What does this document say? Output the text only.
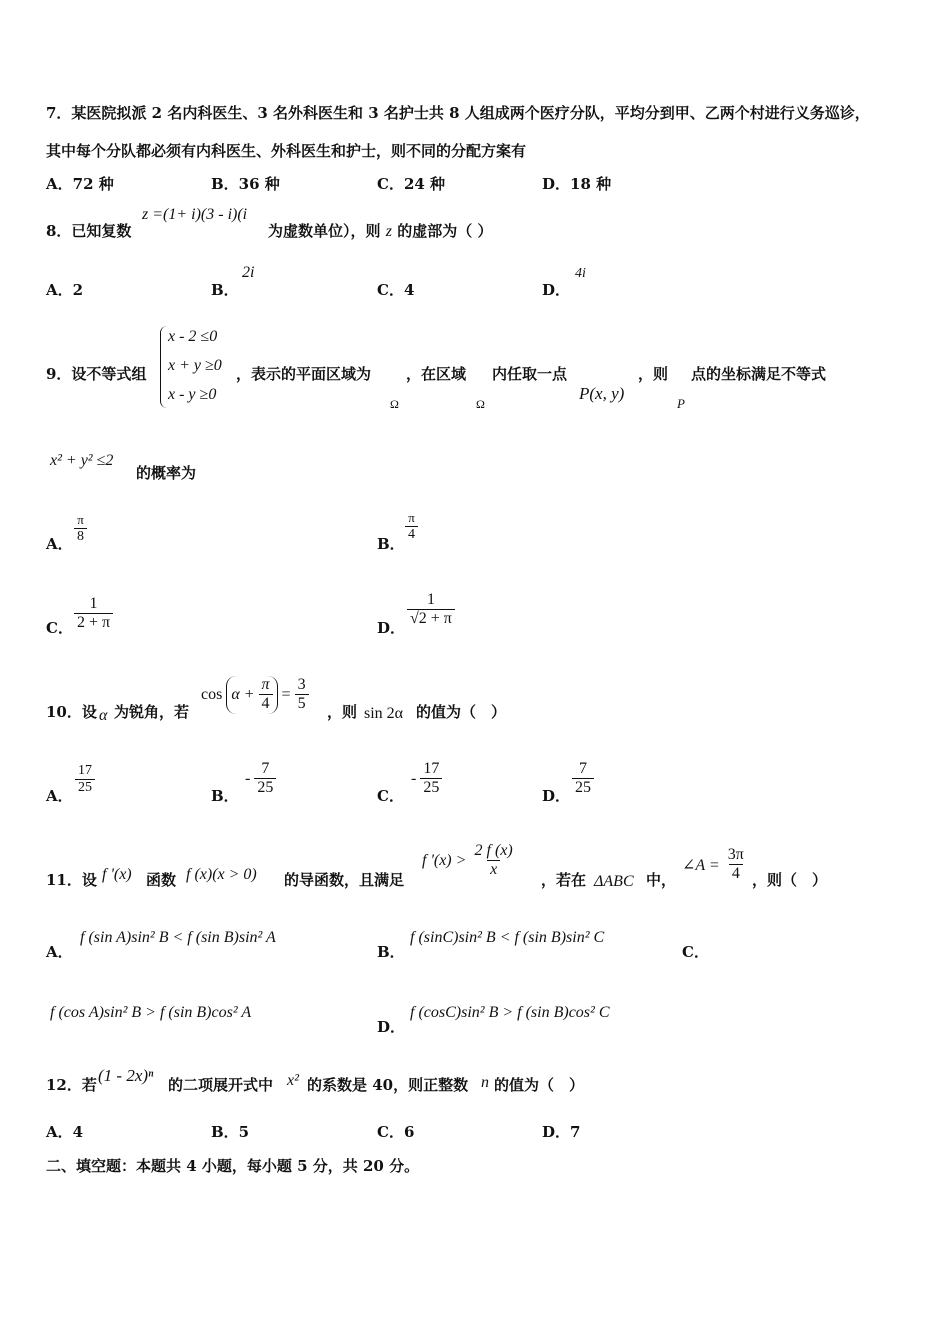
7．某医院拟派 2 名内科医生、3 名外科医生和 3 名护士共 8 人组成两个医疗分队，平均分到甲、乙两个村进行义务巡诊，
其中每个分队都必须有内科医生、外科医生和护士，则不同的分配方案有
A．72 种	B．36 种	C．24 种	D．18 种
8．已知复数
z =(1+ i)(3 - i)(i
为虚数单位），则 z 的虚部为（ ）
A．2	B．
2i
C．4	D．
4i
9．设不等式组
x - 2 ≤0
x + y ≥0
x - y ≥0
，表示的平面区域为
Ω
，在区域
Ω
内任取一点
P(x, y)
，则
P
点的坐标满足不等式
x² + y² ≤2
的概率为
A． $\frac{\pi}{8}$	B．
$\frac{\pi}{4}$
C． $\frac{1}{2 + \pi}$	D． $\frac{1}{√2 + \pi}$
10．设 α 为锐角，若
$\cos \alpha + \frac{\pi}{4} = \frac{3}{5}$ ，则 sin 2α 的值为（　）
A． $\frac{17}{25}$	B．
- $\frac{7}{25}$	C．
- $\frac{17}{25}$	D． $\frac{7}{25}$
11．设 f '(x) 函数 f (x)(x > 0) 的导函数，且满足
f '$(x) > \frac{2 f (x)}{x}$
，若在 ΔABC 中，
∠A = $\frac{3\pi}{4}$ ，则（　）
A．
f (sin A)sin² B < f (sin B)sin² A
B．
f (sinC)sin² B < f (sin B)sin² C
C．
f (cos A)sin² B > f (sin B)cos² A
D．
f (cosC)sin² B > f (sin B)cos² C
12．若 (1 - 2x)ⁿ 的二项展开式中 x² 的系数是 40，则正整数 n 的值为（　）
A．4	B．5	C．6	D．7
二、填空题：本题共 4 小题，每小题 5 分，共 20 分。
